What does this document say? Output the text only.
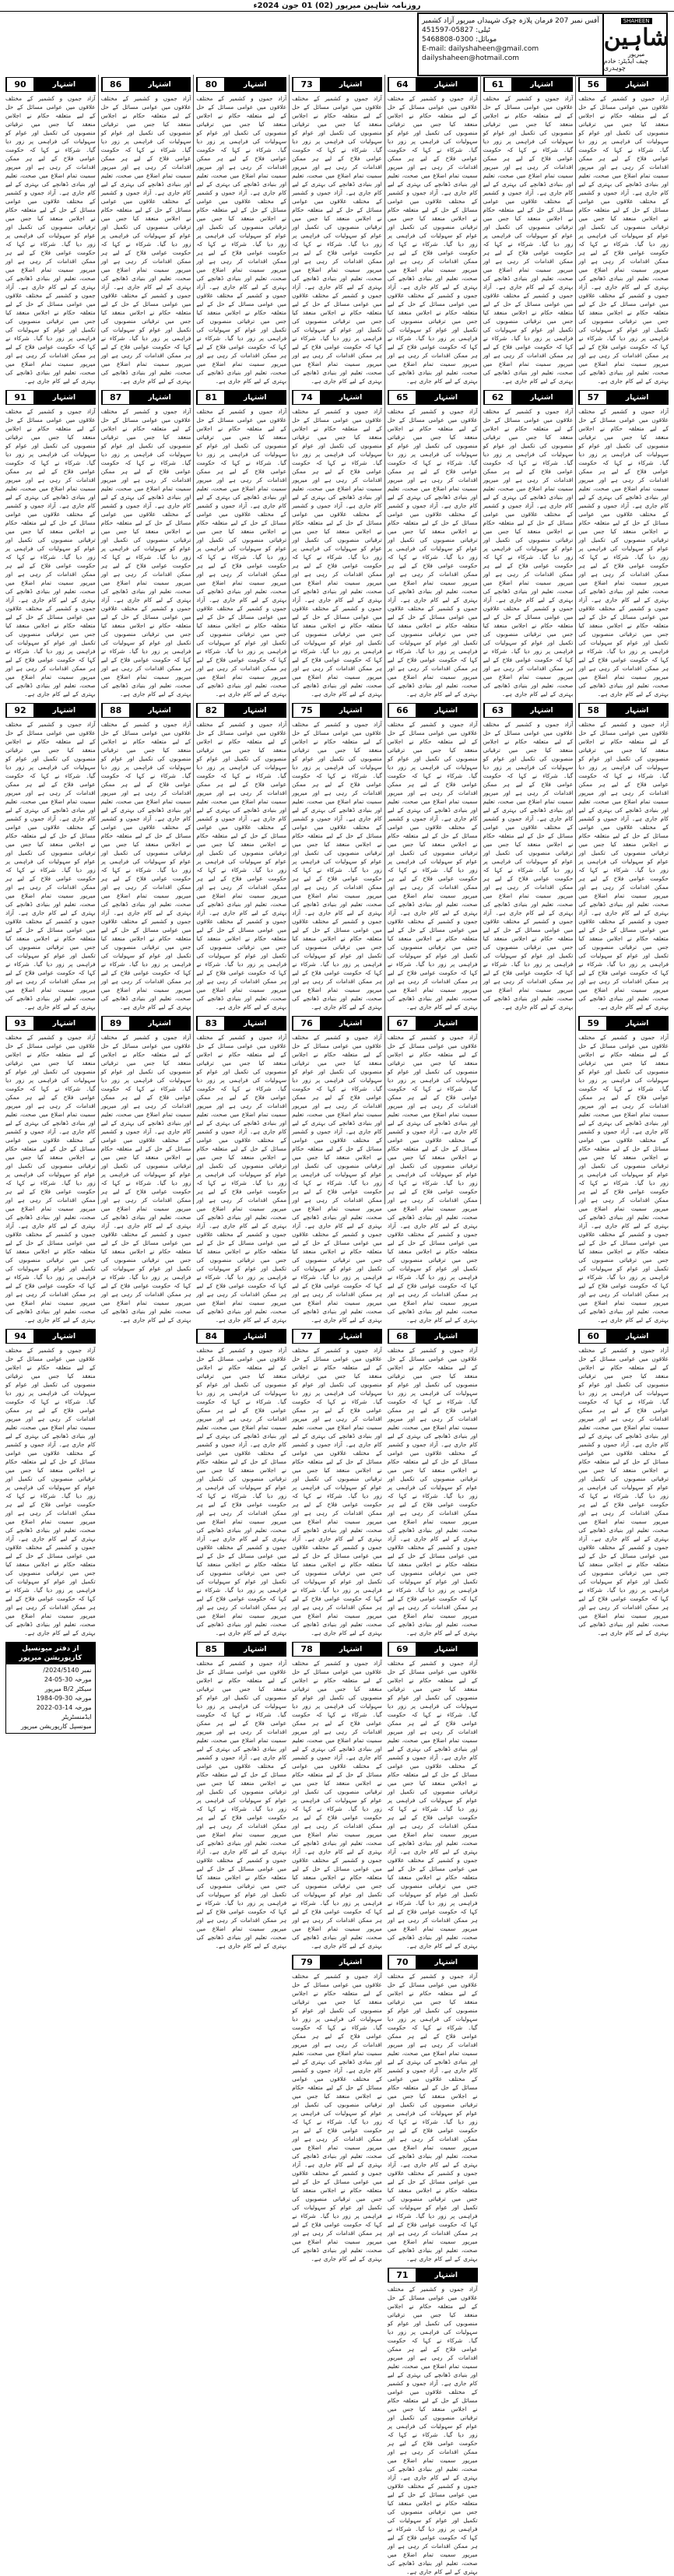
روزنامہ شاہین میرپور (02) 01 جون 2024ء
آفس نمبر 207 فرمان پلازہ چوک شہیداں میرپور آزاد کشمیر
ٹیلی: 05827-451597
موبائل: 0300-5468808
E-mail: dailyshaheen@gmail.com
dailyshaheen@hotmail.com
SHAHEEN
شاہین
میرپور
چیف ایڈیٹر: خادم چوہدری
اشتہار
56
آزاد جموں و کشمیر کے مختلف علاقوں میں عوامی مسائل کے حل کے لیے متعلقہ حکام نے اجلاس منعقد کیا جس میں ترقیاتی منصوبوں کی تکمیل اور عوام کو سہولیات کی فراہمی پر زور دیا گیا۔ شرکاء نے کہا کہ حکومت عوامی فلاح کے لیے ہر ممکن اقدامات کر رہی ہے اور میرپور سمیت تمام اضلاع میں صحت، تعلیم اور بنیادی ڈھانچے کی بہتری کے لیے کام جاری ہے۔ آزاد جموں و کشمیر کے مختلف علاقوں میں عوامی مسائل کے حل کے لیے متعلقہ حکام نے اجلاس منعقد کیا جس میں ترقیاتی منصوبوں کی تکمیل اور عوام کو سہولیات کی فراہمی پر زور دیا گیا۔ شرکاء نے کہا کہ حکومت عوامی فلاح کے لیے ہر ممکن اقدامات کر رہی ہے اور میرپور سمیت تمام اضلاع میں صحت، تعلیم اور بنیادی ڈھانچے کی بہتری کے لیے کام جاری ہے۔ آزاد جموں و کشمیر کے مختلف علاقوں میں عوامی مسائل کے حل کے لیے متعلقہ حکام نے اجلاس منعقد کیا جس میں ترقیاتی منصوبوں کی تکمیل اور عوام کو سہولیات کی فراہمی پر زور دیا گیا۔ شرکاء نے کہا کہ حکومت عوامی فلاح کے لیے ہر ممکن اقدامات کر رہی ہے اور میرپور سمیت تمام اضلاع میں صحت، تعلیم اور بنیادی ڈھانچے کی بہتری کے لیے کام جاری ہے۔
اشتہار
57
آزاد جموں و کشمیر کے مختلف علاقوں میں عوامی مسائل کے حل کے لیے متعلقہ حکام نے اجلاس منعقد کیا جس میں ترقیاتی منصوبوں کی تکمیل اور عوام کو سہولیات کی فراہمی پر زور دیا گیا۔ شرکاء نے کہا کہ حکومت عوامی فلاح کے لیے ہر ممکن اقدامات کر رہی ہے اور میرپور سمیت تمام اضلاع میں صحت، تعلیم اور بنیادی ڈھانچے کی بہتری کے لیے کام جاری ہے۔ آزاد جموں و کشمیر کے مختلف علاقوں میں عوامی مسائل کے حل کے لیے متعلقہ حکام نے اجلاس منعقد کیا جس میں ترقیاتی منصوبوں کی تکمیل اور عوام کو سہولیات کی فراہمی پر زور دیا گیا۔ شرکاء نے کہا کہ حکومت عوامی فلاح کے لیے ہر ممکن اقدامات کر رہی ہے اور میرپور سمیت تمام اضلاع میں صحت، تعلیم اور بنیادی ڈھانچے کی بہتری کے لیے کام جاری ہے۔ آزاد جموں و کشمیر کے مختلف علاقوں میں عوامی مسائل کے حل کے لیے متعلقہ حکام نے اجلاس منعقد کیا جس میں ترقیاتی منصوبوں کی تکمیل اور عوام کو سہولیات کی فراہمی پر زور دیا گیا۔ شرکاء نے کہا کہ حکومت عوامی فلاح کے لیے ہر ممکن اقدامات کر رہی ہے اور میرپور سمیت تمام اضلاع میں صحت، تعلیم اور بنیادی ڈھانچے کی بہتری کے لیے کام جاری ہے۔
اشتہار
58
آزاد جموں و کشمیر کے مختلف علاقوں میں عوامی مسائل کے حل کے لیے متعلقہ حکام نے اجلاس منعقد کیا جس میں ترقیاتی منصوبوں کی تکمیل اور عوام کو سہولیات کی فراہمی پر زور دیا گیا۔ شرکاء نے کہا کہ حکومت عوامی فلاح کے لیے ہر ممکن اقدامات کر رہی ہے اور میرپور سمیت تمام اضلاع میں صحت، تعلیم اور بنیادی ڈھانچے کی بہتری کے لیے کام جاری ہے۔ آزاد جموں و کشمیر کے مختلف علاقوں میں عوامی مسائل کے حل کے لیے متعلقہ حکام نے اجلاس منعقد کیا جس میں ترقیاتی منصوبوں کی تکمیل اور عوام کو سہولیات کی فراہمی پر زور دیا گیا۔ شرکاء نے کہا کہ حکومت عوامی فلاح کے لیے ہر ممکن اقدامات کر رہی ہے اور میرپور سمیت تمام اضلاع میں صحت، تعلیم اور بنیادی ڈھانچے کی بہتری کے لیے کام جاری ہے۔ آزاد جموں و کشمیر کے مختلف علاقوں میں عوامی مسائل کے حل کے لیے متعلقہ حکام نے اجلاس منعقد کیا جس میں ترقیاتی منصوبوں کی تکمیل اور عوام کو سہولیات کی فراہمی پر زور دیا گیا۔ شرکاء نے کہا کہ حکومت عوامی فلاح کے لیے ہر ممکن اقدامات کر رہی ہے اور میرپور سمیت تمام اضلاع میں صحت، تعلیم اور بنیادی ڈھانچے کی بہتری کے لیے کام جاری ہے۔
اشتہار
59
آزاد جموں و کشمیر کے مختلف علاقوں میں عوامی مسائل کے حل کے لیے متعلقہ حکام نے اجلاس منعقد کیا جس میں ترقیاتی منصوبوں کی تکمیل اور عوام کو سہولیات کی فراہمی پر زور دیا گیا۔ شرکاء نے کہا کہ حکومت عوامی فلاح کے لیے ہر ممکن اقدامات کر رہی ہے اور میرپور سمیت تمام اضلاع میں صحت، تعلیم اور بنیادی ڈھانچے کی بہتری کے لیے کام جاری ہے۔ آزاد جموں و کشمیر کے مختلف علاقوں میں عوامی مسائل کے حل کے لیے متعلقہ حکام نے اجلاس منعقد کیا جس میں ترقیاتی منصوبوں کی تکمیل اور عوام کو سہولیات کی فراہمی پر زور دیا گیا۔ شرکاء نے کہا کہ حکومت عوامی فلاح کے لیے ہر ممکن اقدامات کر رہی ہے اور میرپور سمیت تمام اضلاع میں صحت، تعلیم اور بنیادی ڈھانچے کی بہتری کے لیے کام جاری ہے۔ آزاد جموں و کشمیر کے مختلف علاقوں میں عوامی مسائل کے حل کے لیے متعلقہ حکام نے اجلاس منعقد کیا جس میں ترقیاتی منصوبوں کی تکمیل اور عوام کو سہولیات کی فراہمی پر زور دیا گیا۔ شرکاء نے کہا کہ حکومت عوامی فلاح کے لیے ہر ممکن اقدامات کر رہی ہے اور میرپور سمیت تمام اضلاع میں صحت، تعلیم اور بنیادی ڈھانچے کی بہتری کے لیے کام جاری ہے۔
اشتہار
60
آزاد جموں و کشمیر کے مختلف علاقوں میں عوامی مسائل کے حل کے لیے متعلقہ حکام نے اجلاس منعقد کیا جس میں ترقیاتی منصوبوں کی تکمیل اور عوام کو سہولیات کی فراہمی پر زور دیا گیا۔ شرکاء نے کہا کہ حکومت عوامی فلاح کے لیے ہر ممکن اقدامات کر رہی ہے اور میرپور سمیت تمام اضلاع میں صحت، تعلیم اور بنیادی ڈھانچے کی بہتری کے لیے کام جاری ہے۔ آزاد جموں و کشمیر کے مختلف علاقوں میں عوامی مسائل کے حل کے لیے متعلقہ حکام نے اجلاس منعقد کیا جس میں ترقیاتی منصوبوں کی تکمیل اور عوام کو سہولیات کی فراہمی پر زور دیا گیا۔ شرکاء نے کہا کہ حکومت عوامی فلاح کے لیے ہر ممکن اقدامات کر رہی ہے اور میرپور سمیت تمام اضلاع میں صحت، تعلیم اور بنیادی ڈھانچے کی بہتری کے لیے کام جاری ہے۔ آزاد جموں و کشمیر کے مختلف علاقوں میں عوامی مسائل کے حل کے لیے متعلقہ حکام نے اجلاس منعقد کیا جس میں ترقیاتی منصوبوں کی تکمیل اور عوام کو سہولیات کی فراہمی پر زور دیا گیا۔ شرکاء نے کہا کہ حکومت عوامی فلاح کے لیے ہر ممکن اقدامات کر رہی ہے اور میرپور سمیت تمام اضلاع میں صحت، تعلیم اور بنیادی ڈھانچے کی بہتری کے لیے کام جاری ہے۔
اشتہار
61
آزاد جموں و کشمیر کے مختلف علاقوں میں عوامی مسائل کے حل کے لیے متعلقہ حکام نے اجلاس منعقد کیا جس میں ترقیاتی منصوبوں کی تکمیل اور عوام کو سہولیات کی فراہمی پر زور دیا گیا۔ شرکاء نے کہا کہ حکومت عوامی فلاح کے لیے ہر ممکن اقدامات کر رہی ہے اور میرپور سمیت تمام اضلاع میں صحت، تعلیم اور بنیادی ڈھانچے کی بہتری کے لیے کام جاری ہے۔ آزاد جموں و کشمیر کے مختلف علاقوں میں عوامی مسائل کے حل کے لیے متعلقہ حکام نے اجلاس منعقد کیا جس میں ترقیاتی منصوبوں کی تکمیل اور عوام کو سہولیات کی فراہمی پر زور دیا گیا۔ شرکاء نے کہا کہ حکومت عوامی فلاح کے لیے ہر ممکن اقدامات کر رہی ہے اور میرپور سمیت تمام اضلاع میں صحت، تعلیم اور بنیادی ڈھانچے کی بہتری کے لیے کام جاری ہے۔ آزاد جموں و کشمیر کے مختلف علاقوں میں عوامی مسائل کے حل کے لیے متعلقہ حکام نے اجلاس منعقد کیا جس میں ترقیاتی منصوبوں کی تکمیل اور عوام کو سہولیات کی فراہمی پر زور دیا گیا۔ شرکاء نے کہا کہ حکومت عوامی فلاح کے لیے ہر ممکن اقدامات کر رہی ہے اور میرپور سمیت تمام اضلاع میں صحت، تعلیم اور بنیادی ڈھانچے کی بہتری کے لیے کام جاری ہے۔
اشتہار
62
آزاد جموں و کشمیر کے مختلف علاقوں میں عوامی مسائل کے حل کے لیے متعلقہ حکام نے اجلاس منعقد کیا جس میں ترقیاتی منصوبوں کی تکمیل اور عوام کو سہولیات کی فراہمی پر زور دیا گیا۔ شرکاء نے کہا کہ حکومت عوامی فلاح کے لیے ہر ممکن اقدامات کر رہی ہے اور میرپور سمیت تمام اضلاع میں صحت، تعلیم اور بنیادی ڈھانچے کی بہتری کے لیے کام جاری ہے۔ آزاد جموں و کشمیر کے مختلف علاقوں میں عوامی مسائل کے حل کے لیے متعلقہ حکام نے اجلاس منعقد کیا جس میں ترقیاتی منصوبوں کی تکمیل اور عوام کو سہولیات کی فراہمی پر زور دیا گیا۔ شرکاء نے کہا کہ حکومت عوامی فلاح کے لیے ہر ممکن اقدامات کر رہی ہے اور میرپور سمیت تمام اضلاع میں صحت، تعلیم اور بنیادی ڈھانچے کی بہتری کے لیے کام جاری ہے۔ آزاد جموں و کشمیر کے مختلف علاقوں میں عوامی مسائل کے حل کے لیے متعلقہ حکام نے اجلاس منعقد کیا جس میں ترقیاتی منصوبوں کی تکمیل اور عوام کو سہولیات کی فراہمی پر زور دیا گیا۔ شرکاء نے کہا کہ حکومت عوامی فلاح کے لیے ہر ممکن اقدامات کر رہی ہے اور میرپور سمیت تمام اضلاع میں صحت، تعلیم اور بنیادی ڈھانچے کی بہتری کے لیے کام جاری ہے۔
اشتہار
63
آزاد جموں و کشمیر کے مختلف علاقوں میں عوامی مسائل کے حل کے لیے متعلقہ حکام نے اجلاس منعقد کیا جس میں ترقیاتی منصوبوں کی تکمیل اور عوام کو سہولیات کی فراہمی پر زور دیا گیا۔ شرکاء نے کہا کہ حکومت عوامی فلاح کے لیے ہر ممکن اقدامات کر رہی ہے اور میرپور سمیت تمام اضلاع میں صحت، تعلیم اور بنیادی ڈھانچے کی بہتری کے لیے کام جاری ہے۔ آزاد جموں و کشمیر کے مختلف علاقوں میں عوامی مسائل کے حل کے لیے متعلقہ حکام نے اجلاس منعقد کیا جس میں ترقیاتی منصوبوں کی تکمیل اور عوام کو سہولیات کی فراہمی پر زور دیا گیا۔ شرکاء نے کہا کہ حکومت عوامی فلاح کے لیے ہر ممکن اقدامات کر رہی ہے اور میرپور سمیت تمام اضلاع میں صحت، تعلیم اور بنیادی ڈھانچے کی بہتری کے لیے کام جاری ہے۔ آزاد جموں و کشمیر کے مختلف علاقوں میں عوامی مسائل کے حل کے لیے متعلقہ حکام نے اجلاس منعقد کیا جس میں ترقیاتی منصوبوں کی تکمیل اور عوام کو سہولیات کی فراہمی پر زور دیا گیا۔ شرکاء نے کہا کہ حکومت عوامی فلاح کے لیے ہر ممکن اقدامات کر رہی ہے اور میرپور سمیت تمام اضلاع میں صحت، تعلیم اور بنیادی ڈھانچے کی بہتری کے لیے کام جاری ہے۔
اشتہار
64
آزاد جموں و کشمیر کے مختلف علاقوں میں عوامی مسائل کے حل کے لیے متعلقہ حکام نے اجلاس منعقد کیا جس میں ترقیاتی منصوبوں کی تکمیل اور عوام کو سہولیات کی فراہمی پر زور دیا گیا۔ شرکاء نے کہا کہ حکومت عوامی فلاح کے لیے ہر ممکن اقدامات کر رہی ہے اور میرپور سمیت تمام اضلاع میں صحت، تعلیم اور بنیادی ڈھانچے کی بہتری کے لیے کام جاری ہے۔ آزاد جموں و کشمیر کے مختلف علاقوں میں عوامی مسائل کے حل کے لیے متعلقہ حکام نے اجلاس منعقد کیا جس میں ترقیاتی منصوبوں کی تکمیل اور عوام کو سہولیات کی فراہمی پر زور دیا گیا۔ شرکاء نے کہا کہ حکومت عوامی فلاح کے لیے ہر ممکن اقدامات کر رہی ہے اور میرپور سمیت تمام اضلاع میں صحت، تعلیم اور بنیادی ڈھانچے کی بہتری کے لیے کام جاری ہے۔ آزاد جموں و کشمیر کے مختلف علاقوں میں عوامی مسائل کے حل کے لیے متعلقہ حکام نے اجلاس منعقد کیا جس میں ترقیاتی منصوبوں کی تکمیل اور عوام کو سہولیات کی فراہمی پر زور دیا گیا۔ شرکاء نے کہا کہ حکومت عوامی فلاح کے لیے ہر ممکن اقدامات کر رہی ہے اور میرپور سمیت تمام اضلاع میں صحت، تعلیم اور بنیادی ڈھانچے کی بہتری کے لیے کام جاری ہے۔
اشتہار
65
آزاد جموں و کشمیر کے مختلف علاقوں میں عوامی مسائل کے حل کے لیے متعلقہ حکام نے اجلاس منعقد کیا جس میں ترقیاتی منصوبوں کی تکمیل اور عوام کو سہولیات کی فراہمی پر زور دیا گیا۔ شرکاء نے کہا کہ حکومت عوامی فلاح کے لیے ہر ممکن اقدامات کر رہی ہے اور میرپور سمیت تمام اضلاع میں صحت، تعلیم اور بنیادی ڈھانچے کی بہتری کے لیے کام جاری ہے۔ آزاد جموں و کشمیر کے مختلف علاقوں میں عوامی مسائل کے حل کے لیے متعلقہ حکام نے اجلاس منعقد کیا جس میں ترقیاتی منصوبوں کی تکمیل اور عوام کو سہولیات کی فراہمی پر زور دیا گیا۔ شرکاء نے کہا کہ حکومت عوامی فلاح کے لیے ہر ممکن اقدامات کر رہی ہے اور میرپور سمیت تمام اضلاع میں صحت، تعلیم اور بنیادی ڈھانچے کی بہتری کے لیے کام جاری ہے۔ آزاد جموں و کشمیر کے مختلف علاقوں میں عوامی مسائل کے حل کے لیے متعلقہ حکام نے اجلاس منعقد کیا جس میں ترقیاتی منصوبوں کی تکمیل اور عوام کو سہولیات کی فراہمی پر زور دیا گیا۔ شرکاء نے کہا کہ حکومت عوامی فلاح کے لیے ہر ممکن اقدامات کر رہی ہے اور میرپور سمیت تمام اضلاع میں صحت، تعلیم اور بنیادی ڈھانچے کی بہتری کے لیے کام جاری ہے۔
اشتہار
66
آزاد جموں و کشمیر کے مختلف علاقوں میں عوامی مسائل کے حل کے لیے متعلقہ حکام نے اجلاس منعقد کیا جس میں ترقیاتی منصوبوں کی تکمیل اور عوام کو سہولیات کی فراہمی پر زور دیا گیا۔ شرکاء نے کہا کہ حکومت عوامی فلاح کے لیے ہر ممکن اقدامات کر رہی ہے اور میرپور سمیت تمام اضلاع میں صحت، تعلیم اور بنیادی ڈھانچے کی بہتری کے لیے کام جاری ہے۔ آزاد جموں و کشمیر کے مختلف علاقوں میں عوامی مسائل کے حل کے لیے متعلقہ حکام نے اجلاس منعقد کیا جس میں ترقیاتی منصوبوں کی تکمیل اور عوام کو سہولیات کی فراہمی پر زور دیا گیا۔ شرکاء نے کہا کہ حکومت عوامی فلاح کے لیے ہر ممکن اقدامات کر رہی ہے اور میرپور سمیت تمام اضلاع میں صحت، تعلیم اور بنیادی ڈھانچے کی بہتری کے لیے کام جاری ہے۔ آزاد جموں و کشمیر کے مختلف علاقوں میں عوامی مسائل کے حل کے لیے متعلقہ حکام نے اجلاس منعقد کیا جس میں ترقیاتی منصوبوں کی تکمیل اور عوام کو سہولیات کی فراہمی پر زور دیا گیا۔ شرکاء نے کہا کہ حکومت عوامی فلاح کے لیے ہر ممکن اقدامات کر رہی ہے اور میرپور سمیت تمام اضلاع میں صحت، تعلیم اور بنیادی ڈھانچے کی بہتری کے لیے کام جاری ہے۔
اشتہار
67
آزاد جموں و کشمیر کے مختلف علاقوں میں عوامی مسائل کے حل کے لیے متعلقہ حکام نے اجلاس منعقد کیا جس میں ترقیاتی منصوبوں کی تکمیل اور عوام کو سہولیات کی فراہمی پر زور دیا گیا۔ شرکاء نے کہا کہ حکومت عوامی فلاح کے لیے ہر ممکن اقدامات کر رہی ہے اور میرپور سمیت تمام اضلاع میں صحت، تعلیم اور بنیادی ڈھانچے کی بہتری کے لیے کام جاری ہے۔ آزاد جموں و کشمیر کے مختلف علاقوں میں عوامی مسائل کے حل کے لیے متعلقہ حکام نے اجلاس منعقد کیا جس میں ترقیاتی منصوبوں کی تکمیل اور عوام کو سہولیات کی فراہمی پر زور دیا گیا۔ شرکاء نے کہا کہ حکومت عوامی فلاح کے لیے ہر ممکن اقدامات کر رہی ہے اور میرپور سمیت تمام اضلاع میں صحت، تعلیم اور بنیادی ڈھانچے کی بہتری کے لیے کام جاری ہے۔ آزاد جموں و کشمیر کے مختلف علاقوں میں عوامی مسائل کے حل کے لیے متعلقہ حکام نے اجلاس منعقد کیا جس میں ترقیاتی منصوبوں کی تکمیل اور عوام کو سہولیات کی فراہمی پر زور دیا گیا۔ شرکاء نے کہا کہ حکومت عوامی فلاح کے لیے ہر ممکن اقدامات کر رہی ہے اور میرپور سمیت تمام اضلاع میں صحت، تعلیم اور بنیادی ڈھانچے کی بہتری کے لیے کام جاری ہے۔
اشتہار
68
آزاد جموں و کشمیر کے مختلف علاقوں میں عوامی مسائل کے حل کے لیے متعلقہ حکام نے اجلاس منعقد کیا جس میں ترقیاتی منصوبوں کی تکمیل اور عوام کو سہولیات کی فراہمی پر زور دیا گیا۔ شرکاء نے کہا کہ حکومت عوامی فلاح کے لیے ہر ممکن اقدامات کر رہی ہے اور میرپور سمیت تمام اضلاع میں صحت، تعلیم اور بنیادی ڈھانچے کی بہتری کے لیے کام جاری ہے۔ آزاد جموں و کشمیر کے مختلف علاقوں میں عوامی مسائل کے حل کے لیے متعلقہ حکام نے اجلاس منعقد کیا جس میں ترقیاتی منصوبوں کی تکمیل اور عوام کو سہولیات کی فراہمی پر زور دیا گیا۔ شرکاء نے کہا کہ حکومت عوامی فلاح کے لیے ہر ممکن اقدامات کر رہی ہے اور میرپور سمیت تمام اضلاع میں صحت، تعلیم اور بنیادی ڈھانچے کی بہتری کے لیے کام جاری ہے۔ آزاد جموں و کشمیر کے مختلف علاقوں میں عوامی مسائل کے حل کے لیے متعلقہ حکام نے اجلاس منعقد کیا جس میں ترقیاتی منصوبوں کی تکمیل اور عوام کو سہولیات کی فراہمی پر زور دیا گیا۔ شرکاء نے کہا کہ حکومت عوامی فلاح کے لیے ہر ممکن اقدامات کر رہی ہے اور میرپور سمیت تمام اضلاع میں صحت، تعلیم اور بنیادی ڈھانچے کی بہتری کے لیے کام جاری ہے۔
اشتہار
69
آزاد جموں و کشمیر کے مختلف علاقوں میں عوامی مسائل کے حل کے لیے متعلقہ حکام نے اجلاس منعقد کیا جس میں ترقیاتی منصوبوں کی تکمیل اور عوام کو سہولیات کی فراہمی پر زور دیا گیا۔ شرکاء نے کہا کہ حکومت عوامی فلاح کے لیے ہر ممکن اقدامات کر رہی ہے اور میرپور سمیت تمام اضلاع میں صحت، تعلیم اور بنیادی ڈھانچے کی بہتری کے لیے کام جاری ہے۔ آزاد جموں و کشمیر کے مختلف علاقوں میں عوامی مسائل کے حل کے لیے متعلقہ حکام نے اجلاس منعقد کیا جس میں ترقیاتی منصوبوں کی تکمیل اور عوام کو سہولیات کی فراہمی پر زور دیا گیا۔ شرکاء نے کہا کہ حکومت عوامی فلاح کے لیے ہر ممکن اقدامات کر رہی ہے اور میرپور سمیت تمام اضلاع میں صحت، تعلیم اور بنیادی ڈھانچے کی بہتری کے لیے کام جاری ہے۔ آزاد جموں و کشمیر کے مختلف علاقوں میں عوامی مسائل کے حل کے لیے متعلقہ حکام نے اجلاس منعقد کیا جس میں ترقیاتی منصوبوں کی تکمیل اور عوام کو سہولیات کی فراہمی پر زور دیا گیا۔ شرکاء نے کہا کہ حکومت عوامی فلاح کے لیے ہر ممکن اقدامات کر رہی ہے اور میرپور سمیت تمام اضلاع میں صحت، تعلیم اور بنیادی ڈھانچے کی بہتری کے لیے کام جاری ہے۔
اشتہار
70
آزاد جموں و کشمیر کے مختلف علاقوں میں عوامی مسائل کے حل کے لیے متعلقہ حکام نے اجلاس منعقد کیا جس میں ترقیاتی منصوبوں کی تکمیل اور عوام کو سہولیات کی فراہمی پر زور دیا گیا۔ شرکاء نے کہا کہ حکومت عوامی فلاح کے لیے ہر ممکن اقدامات کر رہی ہے اور میرپور سمیت تمام اضلاع میں صحت، تعلیم اور بنیادی ڈھانچے کی بہتری کے لیے کام جاری ہے۔ آزاد جموں و کشمیر کے مختلف علاقوں میں عوامی مسائل کے حل کے لیے متعلقہ حکام نے اجلاس منعقد کیا جس میں ترقیاتی منصوبوں کی تکمیل اور عوام کو سہولیات کی فراہمی پر زور دیا گیا۔ شرکاء نے کہا کہ حکومت عوامی فلاح کے لیے ہر ممکن اقدامات کر رہی ہے اور میرپور سمیت تمام اضلاع میں صحت، تعلیم اور بنیادی ڈھانچے کی بہتری کے لیے کام جاری ہے۔ آزاد جموں و کشمیر کے مختلف علاقوں میں عوامی مسائل کے حل کے لیے متعلقہ حکام نے اجلاس منعقد کیا جس میں ترقیاتی منصوبوں کی تکمیل اور عوام کو سہولیات کی فراہمی پر زور دیا گیا۔ شرکاء نے کہا کہ حکومت عوامی فلاح کے لیے ہر ممکن اقدامات کر رہی ہے اور میرپور سمیت تمام اضلاع میں صحت، تعلیم اور بنیادی ڈھانچے کی بہتری کے لیے کام جاری ہے۔
اشتہار
71
آزاد جموں و کشمیر کے مختلف علاقوں میں عوامی مسائل کے حل کے لیے متعلقہ حکام نے اجلاس منعقد کیا جس میں ترقیاتی منصوبوں کی تکمیل اور عوام کو سہولیات کی فراہمی پر زور دیا گیا۔ شرکاء نے کہا کہ حکومت عوامی فلاح کے لیے ہر ممکن اقدامات کر رہی ہے اور میرپور سمیت تمام اضلاع میں صحت، تعلیم اور بنیادی ڈھانچے کی بہتری کے لیے کام جاری ہے۔ آزاد جموں و کشمیر کے مختلف علاقوں میں عوامی مسائل کے حل کے لیے متعلقہ حکام نے اجلاس منعقد کیا جس میں ترقیاتی منصوبوں کی تکمیل اور عوام کو سہولیات کی فراہمی پر زور دیا گیا۔ شرکاء نے کہا کہ حکومت عوامی فلاح کے لیے ہر ممکن اقدامات کر رہی ہے اور میرپور سمیت تمام اضلاع میں صحت، تعلیم اور بنیادی ڈھانچے کی بہتری کے لیے کام جاری ہے۔ آزاد جموں و کشمیر کے مختلف علاقوں میں عوامی مسائل کے حل کے لیے متعلقہ حکام نے اجلاس منعقد کیا جس میں ترقیاتی منصوبوں کی تکمیل اور عوام کو سہولیات کی فراہمی پر زور دیا گیا۔ شرکاء نے کہا کہ حکومت عوامی فلاح کے لیے ہر ممکن اقدامات کر رہی ہے اور میرپور سمیت تمام اضلاع میں صحت، تعلیم اور بنیادی ڈھانچے کی بہتری کے لیے کام جاری ہے۔
اشتہار
73
آزاد جموں و کشمیر کے مختلف علاقوں میں عوامی مسائل کے حل کے لیے متعلقہ حکام نے اجلاس منعقد کیا جس میں ترقیاتی منصوبوں کی تکمیل اور عوام کو سہولیات کی فراہمی پر زور دیا گیا۔ شرکاء نے کہا کہ حکومت عوامی فلاح کے لیے ہر ممکن اقدامات کر رہی ہے اور میرپور سمیت تمام اضلاع میں صحت، تعلیم اور بنیادی ڈھانچے کی بہتری کے لیے کام جاری ہے۔ آزاد جموں و کشمیر کے مختلف علاقوں میں عوامی مسائل کے حل کے لیے متعلقہ حکام نے اجلاس منعقد کیا جس میں ترقیاتی منصوبوں کی تکمیل اور عوام کو سہولیات کی فراہمی پر زور دیا گیا۔ شرکاء نے کہا کہ حکومت عوامی فلاح کے لیے ہر ممکن اقدامات کر رہی ہے اور میرپور سمیت تمام اضلاع میں صحت، تعلیم اور بنیادی ڈھانچے کی بہتری کے لیے کام جاری ہے۔ آزاد جموں و کشمیر کے مختلف علاقوں میں عوامی مسائل کے حل کے لیے متعلقہ حکام نے اجلاس منعقد کیا جس میں ترقیاتی منصوبوں کی تکمیل اور عوام کو سہولیات کی فراہمی پر زور دیا گیا۔ شرکاء نے کہا کہ حکومت عوامی فلاح کے لیے ہر ممکن اقدامات کر رہی ہے اور میرپور سمیت تمام اضلاع میں صحت، تعلیم اور بنیادی ڈھانچے کی بہتری کے لیے کام جاری ہے۔
اشتہار
74
آزاد جموں و کشمیر کے مختلف علاقوں میں عوامی مسائل کے حل کے لیے متعلقہ حکام نے اجلاس منعقد کیا جس میں ترقیاتی منصوبوں کی تکمیل اور عوام کو سہولیات کی فراہمی پر زور دیا گیا۔ شرکاء نے کہا کہ حکومت عوامی فلاح کے لیے ہر ممکن اقدامات کر رہی ہے اور میرپور سمیت تمام اضلاع میں صحت، تعلیم اور بنیادی ڈھانچے کی بہتری کے لیے کام جاری ہے۔ آزاد جموں و کشمیر کے مختلف علاقوں میں عوامی مسائل کے حل کے لیے متعلقہ حکام نے اجلاس منعقد کیا جس میں ترقیاتی منصوبوں کی تکمیل اور عوام کو سہولیات کی فراہمی پر زور دیا گیا۔ شرکاء نے کہا کہ حکومت عوامی فلاح کے لیے ہر ممکن اقدامات کر رہی ہے اور میرپور سمیت تمام اضلاع میں صحت، تعلیم اور بنیادی ڈھانچے کی بہتری کے لیے کام جاری ہے۔ آزاد جموں و کشمیر کے مختلف علاقوں میں عوامی مسائل کے حل کے لیے متعلقہ حکام نے اجلاس منعقد کیا جس میں ترقیاتی منصوبوں کی تکمیل اور عوام کو سہولیات کی فراہمی پر زور دیا گیا۔ شرکاء نے کہا کہ حکومت عوامی فلاح کے لیے ہر ممکن اقدامات کر رہی ہے اور میرپور سمیت تمام اضلاع میں صحت، تعلیم اور بنیادی ڈھانچے کی بہتری کے لیے کام جاری ہے۔
اشتہار
75
آزاد جموں و کشمیر کے مختلف علاقوں میں عوامی مسائل کے حل کے لیے متعلقہ حکام نے اجلاس منعقد کیا جس میں ترقیاتی منصوبوں کی تکمیل اور عوام کو سہولیات کی فراہمی پر زور دیا گیا۔ شرکاء نے کہا کہ حکومت عوامی فلاح کے لیے ہر ممکن اقدامات کر رہی ہے اور میرپور سمیت تمام اضلاع میں صحت، تعلیم اور بنیادی ڈھانچے کی بہتری کے لیے کام جاری ہے۔ آزاد جموں و کشمیر کے مختلف علاقوں میں عوامی مسائل کے حل کے لیے متعلقہ حکام نے اجلاس منعقد کیا جس میں ترقیاتی منصوبوں کی تکمیل اور عوام کو سہولیات کی فراہمی پر زور دیا گیا۔ شرکاء نے کہا کہ حکومت عوامی فلاح کے لیے ہر ممکن اقدامات کر رہی ہے اور میرپور سمیت تمام اضلاع میں صحت، تعلیم اور بنیادی ڈھانچے کی بہتری کے لیے کام جاری ہے۔ آزاد جموں و کشمیر کے مختلف علاقوں میں عوامی مسائل کے حل کے لیے متعلقہ حکام نے اجلاس منعقد کیا جس میں ترقیاتی منصوبوں کی تکمیل اور عوام کو سہولیات کی فراہمی پر زور دیا گیا۔ شرکاء نے کہا کہ حکومت عوامی فلاح کے لیے ہر ممکن اقدامات کر رہی ہے اور میرپور سمیت تمام اضلاع میں صحت، تعلیم اور بنیادی ڈھانچے کی بہتری کے لیے کام جاری ہے۔
اشتہار
76
آزاد جموں و کشمیر کے مختلف علاقوں میں عوامی مسائل کے حل کے لیے متعلقہ حکام نے اجلاس منعقد کیا جس میں ترقیاتی منصوبوں کی تکمیل اور عوام کو سہولیات کی فراہمی پر زور دیا گیا۔ شرکاء نے کہا کہ حکومت عوامی فلاح کے لیے ہر ممکن اقدامات کر رہی ہے اور میرپور سمیت تمام اضلاع میں صحت، تعلیم اور بنیادی ڈھانچے کی بہتری کے لیے کام جاری ہے۔ آزاد جموں و کشمیر کے مختلف علاقوں میں عوامی مسائل کے حل کے لیے متعلقہ حکام نے اجلاس منعقد کیا جس میں ترقیاتی منصوبوں کی تکمیل اور عوام کو سہولیات کی فراہمی پر زور دیا گیا۔ شرکاء نے کہا کہ حکومت عوامی فلاح کے لیے ہر ممکن اقدامات کر رہی ہے اور میرپور سمیت تمام اضلاع میں صحت، تعلیم اور بنیادی ڈھانچے کی بہتری کے لیے کام جاری ہے۔ آزاد جموں و کشمیر کے مختلف علاقوں میں عوامی مسائل کے حل کے لیے متعلقہ حکام نے اجلاس منعقد کیا جس میں ترقیاتی منصوبوں کی تکمیل اور عوام کو سہولیات کی فراہمی پر زور دیا گیا۔ شرکاء نے کہا کہ حکومت عوامی فلاح کے لیے ہر ممکن اقدامات کر رہی ہے اور میرپور سمیت تمام اضلاع میں صحت، تعلیم اور بنیادی ڈھانچے کی بہتری کے لیے کام جاری ہے۔
اشتہار
77
آزاد جموں و کشمیر کے مختلف علاقوں میں عوامی مسائل کے حل کے لیے متعلقہ حکام نے اجلاس منعقد کیا جس میں ترقیاتی منصوبوں کی تکمیل اور عوام کو سہولیات کی فراہمی پر زور دیا گیا۔ شرکاء نے کہا کہ حکومت عوامی فلاح کے لیے ہر ممکن اقدامات کر رہی ہے اور میرپور سمیت تمام اضلاع میں صحت، تعلیم اور بنیادی ڈھانچے کی بہتری کے لیے کام جاری ہے۔ آزاد جموں و کشمیر کے مختلف علاقوں میں عوامی مسائل کے حل کے لیے متعلقہ حکام نے اجلاس منعقد کیا جس میں ترقیاتی منصوبوں کی تکمیل اور عوام کو سہولیات کی فراہمی پر زور دیا گیا۔ شرکاء نے کہا کہ حکومت عوامی فلاح کے لیے ہر ممکن اقدامات کر رہی ہے اور میرپور سمیت تمام اضلاع میں صحت، تعلیم اور بنیادی ڈھانچے کی بہتری کے لیے کام جاری ہے۔ آزاد جموں و کشمیر کے مختلف علاقوں میں عوامی مسائل کے حل کے لیے متعلقہ حکام نے اجلاس منعقد کیا جس میں ترقیاتی منصوبوں کی تکمیل اور عوام کو سہولیات کی فراہمی پر زور دیا گیا۔ شرکاء نے کہا کہ حکومت عوامی فلاح کے لیے ہر ممکن اقدامات کر رہی ہے اور میرپور سمیت تمام اضلاع میں صحت، تعلیم اور بنیادی ڈھانچے کی بہتری کے لیے کام جاری ہے۔
اشتہار
78
آزاد جموں و کشمیر کے مختلف علاقوں میں عوامی مسائل کے حل کے لیے متعلقہ حکام نے اجلاس منعقد کیا جس میں ترقیاتی منصوبوں کی تکمیل اور عوام کو سہولیات کی فراہمی پر زور دیا گیا۔ شرکاء نے کہا کہ حکومت عوامی فلاح کے لیے ہر ممکن اقدامات کر رہی ہے اور میرپور سمیت تمام اضلاع میں صحت، تعلیم اور بنیادی ڈھانچے کی بہتری کے لیے کام جاری ہے۔ آزاد جموں و کشمیر کے مختلف علاقوں میں عوامی مسائل کے حل کے لیے متعلقہ حکام نے اجلاس منعقد کیا جس میں ترقیاتی منصوبوں کی تکمیل اور عوام کو سہولیات کی فراہمی پر زور دیا گیا۔ شرکاء نے کہا کہ حکومت عوامی فلاح کے لیے ہر ممکن اقدامات کر رہی ہے اور میرپور سمیت تمام اضلاع میں صحت، تعلیم اور بنیادی ڈھانچے کی بہتری کے لیے کام جاری ہے۔ آزاد جموں و کشمیر کے مختلف علاقوں میں عوامی مسائل کے حل کے لیے متعلقہ حکام نے اجلاس منعقد کیا جس میں ترقیاتی منصوبوں کی تکمیل اور عوام کو سہولیات کی فراہمی پر زور دیا گیا۔ شرکاء نے کہا کہ حکومت عوامی فلاح کے لیے ہر ممکن اقدامات کر رہی ہے اور میرپور سمیت تمام اضلاع میں صحت، تعلیم اور بنیادی ڈھانچے کی بہتری کے لیے کام جاری ہے۔
اشتہار
79
آزاد جموں و کشمیر کے مختلف علاقوں میں عوامی مسائل کے حل کے لیے متعلقہ حکام نے اجلاس منعقد کیا جس میں ترقیاتی منصوبوں کی تکمیل اور عوام کو سہولیات کی فراہمی پر زور دیا گیا۔ شرکاء نے کہا کہ حکومت عوامی فلاح کے لیے ہر ممکن اقدامات کر رہی ہے اور میرپور سمیت تمام اضلاع میں صحت، تعلیم اور بنیادی ڈھانچے کی بہتری کے لیے کام جاری ہے۔ آزاد جموں و کشمیر کے مختلف علاقوں میں عوامی مسائل کے حل کے لیے متعلقہ حکام نے اجلاس منعقد کیا جس میں ترقیاتی منصوبوں کی تکمیل اور عوام کو سہولیات کی فراہمی پر زور دیا گیا۔ شرکاء نے کہا کہ حکومت عوامی فلاح کے لیے ہر ممکن اقدامات کر رہی ہے اور میرپور سمیت تمام اضلاع میں صحت، تعلیم اور بنیادی ڈھانچے کی بہتری کے لیے کام جاری ہے۔ آزاد جموں و کشمیر کے مختلف علاقوں میں عوامی مسائل کے حل کے لیے متعلقہ حکام نے اجلاس منعقد کیا جس میں ترقیاتی منصوبوں کی تکمیل اور عوام کو سہولیات کی فراہمی پر زور دیا گیا۔ شرکاء نے کہا کہ حکومت عوامی فلاح کے لیے ہر ممکن اقدامات کر رہی ہے اور میرپور سمیت تمام اضلاع میں صحت، تعلیم اور بنیادی ڈھانچے کی بہتری کے لیے کام جاری ہے۔
اشتہار
80
آزاد جموں و کشمیر کے مختلف علاقوں میں عوامی مسائل کے حل کے لیے متعلقہ حکام نے اجلاس منعقد کیا جس میں ترقیاتی منصوبوں کی تکمیل اور عوام کو سہولیات کی فراہمی پر زور دیا گیا۔ شرکاء نے کہا کہ حکومت عوامی فلاح کے لیے ہر ممکن اقدامات کر رہی ہے اور میرپور سمیت تمام اضلاع میں صحت، تعلیم اور بنیادی ڈھانچے کی بہتری کے لیے کام جاری ہے۔ آزاد جموں و کشمیر کے مختلف علاقوں میں عوامی مسائل کے حل کے لیے متعلقہ حکام نے اجلاس منعقد کیا جس میں ترقیاتی منصوبوں کی تکمیل اور عوام کو سہولیات کی فراہمی پر زور دیا گیا۔ شرکاء نے کہا کہ حکومت عوامی فلاح کے لیے ہر ممکن اقدامات کر رہی ہے اور میرپور سمیت تمام اضلاع میں صحت، تعلیم اور بنیادی ڈھانچے کی بہتری کے لیے کام جاری ہے۔ آزاد جموں و کشمیر کے مختلف علاقوں میں عوامی مسائل کے حل کے لیے متعلقہ حکام نے اجلاس منعقد کیا جس میں ترقیاتی منصوبوں کی تکمیل اور عوام کو سہولیات کی فراہمی پر زور دیا گیا۔ شرکاء نے کہا کہ حکومت عوامی فلاح کے لیے ہر ممکن اقدامات کر رہی ہے اور میرپور سمیت تمام اضلاع میں صحت، تعلیم اور بنیادی ڈھانچے کی بہتری کے لیے کام جاری ہے۔
اشتہار
81
آزاد جموں و کشمیر کے مختلف علاقوں میں عوامی مسائل کے حل کے لیے متعلقہ حکام نے اجلاس منعقد کیا جس میں ترقیاتی منصوبوں کی تکمیل اور عوام کو سہولیات کی فراہمی پر زور دیا گیا۔ شرکاء نے کہا کہ حکومت عوامی فلاح کے لیے ہر ممکن اقدامات کر رہی ہے اور میرپور سمیت تمام اضلاع میں صحت، تعلیم اور بنیادی ڈھانچے کی بہتری کے لیے کام جاری ہے۔ آزاد جموں و کشمیر کے مختلف علاقوں میں عوامی مسائل کے حل کے لیے متعلقہ حکام نے اجلاس منعقد کیا جس میں ترقیاتی منصوبوں کی تکمیل اور عوام کو سہولیات کی فراہمی پر زور دیا گیا۔ شرکاء نے کہا کہ حکومت عوامی فلاح کے لیے ہر ممکن اقدامات کر رہی ہے اور میرپور سمیت تمام اضلاع میں صحت، تعلیم اور بنیادی ڈھانچے کی بہتری کے لیے کام جاری ہے۔ آزاد جموں و کشمیر کے مختلف علاقوں میں عوامی مسائل کے حل کے لیے متعلقہ حکام نے اجلاس منعقد کیا جس میں ترقیاتی منصوبوں کی تکمیل اور عوام کو سہولیات کی فراہمی پر زور دیا گیا۔ شرکاء نے کہا کہ حکومت عوامی فلاح کے لیے ہر ممکن اقدامات کر رہی ہے اور میرپور سمیت تمام اضلاع میں صحت، تعلیم اور بنیادی ڈھانچے کی بہتری کے لیے کام جاری ہے۔
اشتہار
82
آزاد جموں و کشمیر کے مختلف علاقوں میں عوامی مسائل کے حل کے لیے متعلقہ حکام نے اجلاس منعقد کیا جس میں ترقیاتی منصوبوں کی تکمیل اور عوام کو سہولیات کی فراہمی پر زور دیا گیا۔ شرکاء نے کہا کہ حکومت عوامی فلاح کے لیے ہر ممکن اقدامات کر رہی ہے اور میرپور سمیت تمام اضلاع میں صحت، تعلیم اور بنیادی ڈھانچے کی بہتری کے لیے کام جاری ہے۔ آزاد جموں و کشمیر کے مختلف علاقوں میں عوامی مسائل کے حل کے لیے متعلقہ حکام نے اجلاس منعقد کیا جس میں ترقیاتی منصوبوں کی تکمیل اور عوام کو سہولیات کی فراہمی پر زور دیا گیا۔ شرکاء نے کہا کہ حکومت عوامی فلاح کے لیے ہر ممکن اقدامات کر رہی ہے اور میرپور سمیت تمام اضلاع میں صحت، تعلیم اور بنیادی ڈھانچے کی بہتری کے لیے کام جاری ہے۔ آزاد جموں و کشمیر کے مختلف علاقوں میں عوامی مسائل کے حل کے لیے متعلقہ حکام نے اجلاس منعقد کیا جس میں ترقیاتی منصوبوں کی تکمیل اور عوام کو سہولیات کی فراہمی پر زور دیا گیا۔ شرکاء نے کہا کہ حکومت عوامی فلاح کے لیے ہر ممکن اقدامات کر رہی ہے اور میرپور سمیت تمام اضلاع میں صحت، تعلیم اور بنیادی ڈھانچے کی بہتری کے لیے کام جاری ہے۔
اشتہار
83
آزاد جموں و کشمیر کے مختلف علاقوں میں عوامی مسائل کے حل کے لیے متعلقہ حکام نے اجلاس منعقد کیا جس میں ترقیاتی منصوبوں کی تکمیل اور عوام کو سہولیات کی فراہمی پر زور دیا گیا۔ شرکاء نے کہا کہ حکومت عوامی فلاح کے لیے ہر ممکن اقدامات کر رہی ہے اور میرپور سمیت تمام اضلاع میں صحت، تعلیم اور بنیادی ڈھانچے کی بہتری کے لیے کام جاری ہے۔ آزاد جموں و کشمیر کے مختلف علاقوں میں عوامی مسائل کے حل کے لیے متعلقہ حکام نے اجلاس منعقد کیا جس میں ترقیاتی منصوبوں کی تکمیل اور عوام کو سہولیات کی فراہمی پر زور دیا گیا۔ شرکاء نے کہا کہ حکومت عوامی فلاح کے لیے ہر ممکن اقدامات کر رہی ہے اور میرپور سمیت تمام اضلاع میں صحت، تعلیم اور بنیادی ڈھانچے کی بہتری کے لیے کام جاری ہے۔ آزاد جموں و کشمیر کے مختلف علاقوں میں عوامی مسائل کے حل کے لیے متعلقہ حکام نے اجلاس منعقد کیا جس میں ترقیاتی منصوبوں کی تکمیل اور عوام کو سہولیات کی فراہمی پر زور دیا گیا۔ شرکاء نے کہا کہ حکومت عوامی فلاح کے لیے ہر ممکن اقدامات کر رہی ہے اور میرپور سمیت تمام اضلاع میں صحت، تعلیم اور بنیادی ڈھانچے کی بہتری کے لیے کام جاری ہے۔
اشتہار
84
آزاد جموں و کشمیر کے مختلف علاقوں میں عوامی مسائل کے حل کے لیے متعلقہ حکام نے اجلاس منعقد کیا جس میں ترقیاتی منصوبوں کی تکمیل اور عوام کو سہولیات کی فراہمی پر زور دیا گیا۔ شرکاء نے کہا کہ حکومت عوامی فلاح کے لیے ہر ممکن اقدامات کر رہی ہے اور میرپور سمیت تمام اضلاع میں صحت، تعلیم اور بنیادی ڈھانچے کی بہتری کے لیے کام جاری ہے۔ آزاد جموں و کشمیر کے مختلف علاقوں میں عوامی مسائل کے حل کے لیے متعلقہ حکام نے اجلاس منعقد کیا جس میں ترقیاتی منصوبوں کی تکمیل اور عوام کو سہولیات کی فراہمی پر زور دیا گیا۔ شرکاء نے کہا کہ حکومت عوامی فلاح کے لیے ہر ممکن اقدامات کر رہی ہے اور میرپور سمیت تمام اضلاع میں صحت، تعلیم اور بنیادی ڈھانچے کی بہتری کے لیے کام جاری ہے۔ آزاد جموں و کشمیر کے مختلف علاقوں میں عوامی مسائل کے حل کے لیے متعلقہ حکام نے اجلاس منعقد کیا جس میں ترقیاتی منصوبوں کی تکمیل اور عوام کو سہولیات کی فراہمی پر زور دیا گیا۔ شرکاء نے کہا کہ حکومت عوامی فلاح کے لیے ہر ممکن اقدامات کر رہی ہے اور میرپور سمیت تمام اضلاع میں صحت، تعلیم اور بنیادی ڈھانچے کی بہتری کے لیے کام جاری ہے۔
اشتہار
85
آزاد جموں و کشمیر کے مختلف علاقوں میں عوامی مسائل کے حل کے لیے متعلقہ حکام نے اجلاس منعقد کیا جس میں ترقیاتی منصوبوں کی تکمیل اور عوام کو سہولیات کی فراہمی پر زور دیا گیا۔ شرکاء نے کہا کہ حکومت عوامی فلاح کے لیے ہر ممکن اقدامات کر رہی ہے اور میرپور سمیت تمام اضلاع میں صحت، تعلیم اور بنیادی ڈھانچے کی بہتری کے لیے کام جاری ہے۔ آزاد جموں و کشمیر کے مختلف علاقوں میں عوامی مسائل کے حل کے لیے متعلقہ حکام نے اجلاس منعقد کیا جس میں ترقیاتی منصوبوں کی تکمیل اور عوام کو سہولیات کی فراہمی پر زور دیا گیا۔ شرکاء نے کہا کہ حکومت عوامی فلاح کے لیے ہر ممکن اقدامات کر رہی ہے اور میرپور سمیت تمام اضلاع میں صحت، تعلیم اور بنیادی ڈھانچے کی بہتری کے لیے کام جاری ہے۔ آزاد جموں و کشمیر کے مختلف علاقوں میں عوامی مسائل کے حل کے لیے متعلقہ حکام نے اجلاس منعقد کیا جس میں ترقیاتی منصوبوں کی تکمیل اور عوام کو سہولیات کی فراہمی پر زور دیا گیا۔ شرکاء نے کہا کہ حکومت عوامی فلاح کے لیے ہر ممکن اقدامات کر رہی ہے اور میرپور سمیت تمام اضلاع میں صحت، تعلیم اور بنیادی ڈھانچے کی بہتری کے لیے کام جاری ہے۔
اشتہار
86
آزاد جموں و کشمیر کے مختلف علاقوں میں عوامی مسائل کے حل کے لیے متعلقہ حکام نے اجلاس منعقد کیا جس میں ترقیاتی منصوبوں کی تکمیل اور عوام کو سہولیات کی فراہمی پر زور دیا گیا۔ شرکاء نے کہا کہ حکومت عوامی فلاح کے لیے ہر ممکن اقدامات کر رہی ہے اور میرپور سمیت تمام اضلاع میں صحت، تعلیم اور بنیادی ڈھانچے کی بہتری کے لیے کام جاری ہے۔ آزاد جموں و کشمیر کے مختلف علاقوں میں عوامی مسائل کے حل کے لیے متعلقہ حکام نے اجلاس منعقد کیا جس میں ترقیاتی منصوبوں کی تکمیل اور عوام کو سہولیات کی فراہمی پر زور دیا گیا۔ شرکاء نے کہا کہ حکومت عوامی فلاح کے لیے ہر ممکن اقدامات کر رہی ہے اور میرپور سمیت تمام اضلاع میں صحت، تعلیم اور بنیادی ڈھانچے کی بہتری کے لیے کام جاری ہے۔ آزاد جموں و کشمیر کے مختلف علاقوں میں عوامی مسائل کے حل کے لیے متعلقہ حکام نے اجلاس منعقد کیا جس میں ترقیاتی منصوبوں کی تکمیل اور عوام کو سہولیات کی فراہمی پر زور دیا گیا۔ شرکاء نے کہا کہ حکومت عوامی فلاح کے لیے ہر ممکن اقدامات کر رہی ہے اور میرپور سمیت تمام اضلاع میں صحت، تعلیم اور بنیادی ڈھانچے کی بہتری کے لیے کام جاری ہے۔
اشتہار
87
آزاد جموں و کشمیر کے مختلف علاقوں میں عوامی مسائل کے حل کے لیے متعلقہ حکام نے اجلاس منعقد کیا جس میں ترقیاتی منصوبوں کی تکمیل اور عوام کو سہولیات کی فراہمی پر زور دیا گیا۔ شرکاء نے کہا کہ حکومت عوامی فلاح کے لیے ہر ممکن اقدامات کر رہی ہے اور میرپور سمیت تمام اضلاع میں صحت، تعلیم اور بنیادی ڈھانچے کی بہتری کے لیے کام جاری ہے۔ آزاد جموں و کشمیر کے مختلف علاقوں میں عوامی مسائل کے حل کے لیے متعلقہ حکام نے اجلاس منعقد کیا جس میں ترقیاتی منصوبوں کی تکمیل اور عوام کو سہولیات کی فراہمی پر زور دیا گیا۔ شرکاء نے کہا کہ حکومت عوامی فلاح کے لیے ہر ممکن اقدامات کر رہی ہے اور میرپور سمیت تمام اضلاع میں صحت، تعلیم اور بنیادی ڈھانچے کی بہتری کے لیے کام جاری ہے۔ آزاد جموں و کشمیر کے مختلف علاقوں میں عوامی مسائل کے حل کے لیے متعلقہ حکام نے اجلاس منعقد کیا جس میں ترقیاتی منصوبوں کی تکمیل اور عوام کو سہولیات کی فراہمی پر زور دیا گیا۔ شرکاء نے کہا کہ حکومت عوامی فلاح کے لیے ہر ممکن اقدامات کر رہی ہے اور میرپور سمیت تمام اضلاع میں صحت، تعلیم اور بنیادی ڈھانچے کی بہتری کے لیے کام جاری ہے۔
اشتہار
88
آزاد جموں و کشمیر کے مختلف علاقوں میں عوامی مسائل کے حل کے لیے متعلقہ حکام نے اجلاس منعقد کیا جس میں ترقیاتی منصوبوں کی تکمیل اور عوام کو سہولیات کی فراہمی پر زور دیا گیا۔ شرکاء نے کہا کہ حکومت عوامی فلاح کے لیے ہر ممکن اقدامات کر رہی ہے اور میرپور سمیت تمام اضلاع میں صحت، تعلیم اور بنیادی ڈھانچے کی بہتری کے لیے کام جاری ہے۔ آزاد جموں و کشمیر کے مختلف علاقوں میں عوامی مسائل کے حل کے لیے متعلقہ حکام نے اجلاس منعقد کیا جس میں ترقیاتی منصوبوں کی تکمیل اور عوام کو سہولیات کی فراہمی پر زور دیا گیا۔ شرکاء نے کہا کہ حکومت عوامی فلاح کے لیے ہر ممکن اقدامات کر رہی ہے اور میرپور سمیت تمام اضلاع میں صحت، تعلیم اور بنیادی ڈھانچے کی بہتری کے لیے کام جاری ہے۔ آزاد جموں و کشمیر کے مختلف علاقوں میں عوامی مسائل کے حل کے لیے متعلقہ حکام نے اجلاس منعقد کیا جس میں ترقیاتی منصوبوں کی تکمیل اور عوام کو سہولیات کی فراہمی پر زور دیا گیا۔ شرکاء نے کہا کہ حکومت عوامی فلاح کے لیے ہر ممکن اقدامات کر رہی ہے اور میرپور سمیت تمام اضلاع میں صحت، تعلیم اور بنیادی ڈھانچے کی بہتری کے لیے کام جاری ہے۔
اشتہار
89
آزاد جموں و کشمیر کے مختلف علاقوں میں عوامی مسائل کے حل کے لیے متعلقہ حکام نے اجلاس منعقد کیا جس میں ترقیاتی منصوبوں کی تکمیل اور عوام کو سہولیات کی فراہمی پر زور دیا گیا۔ شرکاء نے کہا کہ حکومت عوامی فلاح کے لیے ہر ممکن اقدامات کر رہی ہے اور میرپور سمیت تمام اضلاع میں صحت، تعلیم اور بنیادی ڈھانچے کی بہتری کے لیے کام جاری ہے۔ آزاد جموں و کشمیر کے مختلف علاقوں میں عوامی مسائل کے حل کے لیے متعلقہ حکام نے اجلاس منعقد کیا جس میں ترقیاتی منصوبوں کی تکمیل اور عوام کو سہولیات کی فراہمی پر زور دیا گیا۔ شرکاء نے کہا کہ حکومت عوامی فلاح کے لیے ہر ممکن اقدامات کر رہی ہے اور میرپور سمیت تمام اضلاع میں صحت، تعلیم اور بنیادی ڈھانچے کی بہتری کے لیے کام جاری ہے۔ آزاد جموں و کشمیر کے مختلف علاقوں میں عوامی مسائل کے حل کے لیے متعلقہ حکام نے اجلاس منعقد کیا جس میں ترقیاتی منصوبوں کی تکمیل اور عوام کو سہولیات کی فراہمی پر زور دیا گیا۔ شرکاء نے کہا کہ حکومت عوامی فلاح کے لیے ہر ممکن اقدامات کر رہی ہے اور میرپور سمیت تمام اضلاع میں صحت، تعلیم اور بنیادی ڈھانچے کی بہتری کے لیے کام جاری ہے۔
اشتہار
90
آزاد جموں و کشمیر کے مختلف علاقوں میں عوامی مسائل کے حل کے لیے متعلقہ حکام نے اجلاس منعقد کیا جس میں ترقیاتی منصوبوں کی تکمیل اور عوام کو سہولیات کی فراہمی پر زور دیا گیا۔ شرکاء نے کہا کہ حکومت عوامی فلاح کے لیے ہر ممکن اقدامات کر رہی ہے اور میرپور سمیت تمام اضلاع میں صحت، تعلیم اور بنیادی ڈھانچے کی بہتری کے لیے کام جاری ہے۔ آزاد جموں و کشمیر کے مختلف علاقوں میں عوامی مسائل کے حل کے لیے متعلقہ حکام نے اجلاس منعقد کیا جس میں ترقیاتی منصوبوں کی تکمیل اور عوام کو سہولیات کی فراہمی پر زور دیا گیا۔ شرکاء نے کہا کہ حکومت عوامی فلاح کے لیے ہر ممکن اقدامات کر رہی ہے اور میرپور سمیت تمام اضلاع میں صحت، تعلیم اور بنیادی ڈھانچے کی بہتری کے لیے کام جاری ہے۔ آزاد جموں و کشمیر کے مختلف علاقوں میں عوامی مسائل کے حل کے لیے متعلقہ حکام نے اجلاس منعقد کیا جس میں ترقیاتی منصوبوں کی تکمیل اور عوام کو سہولیات کی فراہمی پر زور دیا گیا۔ شرکاء نے کہا کہ حکومت عوامی فلاح کے لیے ہر ممکن اقدامات کر رہی ہے اور میرپور سمیت تمام اضلاع میں صحت، تعلیم اور بنیادی ڈھانچے کی بہتری کے لیے کام جاری ہے۔
اشتہار
91
آزاد جموں و کشمیر کے مختلف علاقوں میں عوامی مسائل کے حل کے لیے متعلقہ حکام نے اجلاس منعقد کیا جس میں ترقیاتی منصوبوں کی تکمیل اور عوام کو سہولیات کی فراہمی پر زور دیا گیا۔ شرکاء نے کہا کہ حکومت عوامی فلاح کے لیے ہر ممکن اقدامات کر رہی ہے اور میرپور سمیت تمام اضلاع میں صحت، تعلیم اور بنیادی ڈھانچے کی بہتری کے لیے کام جاری ہے۔ آزاد جموں و کشمیر کے مختلف علاقوں میں عوامی مسائل کے حل کے لیے متعلقہ حکام نے اجلاس منعقد کیا جس میں ترقیاتی منصوبوں کی تکمیل اور عوام کو سہولیات کی فراہمی پر زور دیا گیا۔ شرکاء نے کہا کہ حکومت عوامی فلاح کے لیے ہر ممکن اقدامات کر رہی ہے اور میرپور سمیت تمام اضلاع میں صحت، تعلیم اور بنیادی ڈھانچے کی بہتری کے لیے کام جاری ہے۔ آزاد جموں و کشمیر کے مختلف علاقوں میں عوامی مسائل کے حل کے لیے متعلقہ حکام نے اجلاس منعقد کیا جس میں ترقیاتی منصوبوں کی تکمیل اور عوام کو سہولیات کی فراہمی پر زور دیا گیا۔ شرکاء نے کہا کہ حکومت عوامی فلاح کے لیے ہر ممکن اقدامات کر رہی ہے اور میرپور سمیت تمام اضلاع میں صحت، تعلیم اور بنیادی ڈھانچے کی بہتری کے لیے کام جاری ہے۔
اشتہار
92
آزاد جموں و کشمیر کے مختلف علاقوں میں عوامی مسائل کے حل کے لیے متعلقہ حکام نے اجلاس منعقد کیا جس میں ترقیاتی منصوبوں کی تکمیل اور عوام کو سہولیات کی فراہمی پر زور دیا گیا۔ شرکاء نے کہا کہ حکومت عوامی فلاح کے لیے ہر ممکن اقدامات کر رہی ہے اور میرپور سمیت تمام اضلاع میں صحت، تعلیم اور بنیادی ڈھانچے کی بہتری کے لیے کام جاری ہے۔ آزاد جموں و کشمیر کے مختلف علاقوں میں عوامی مسائل کے حل کے لیے متعلقہ حکام نے اجلاس منعقد کیا جس میں ترقیاتی منصوبوں کی تکمیل اور عوام کو سہولیات کی فراہمی پر زور دیا گیا۔ شرکاء نے کہا کہ حکومت عوامی فلاح کے لیے ہر ممکن اقدامات کر رہی ہے اور میرپور سمیت تمام اضلاع میں صحت، تعلیم اور بنیادی ڈھانچے کی بہتری کے لیے کام جاری ہے۔ آزاد جموں و کشمیر کے مختلف علاقوں میں عوامی مسائل کے حل کے لیے متعلقہ حکام نے اجلاس منعقد کیا جس میں ترقیاتی منصوبوں کی تکمیل اور عوام کو سہولیات کی فراہمی پر زور دیا گیا۔ شرکاء نے کہا کہ حکومت عوامی فلاح کے لیے ہر ممکن اقدامات کر رہی ہے اور میرپور سمیت تمام اضلاع میں صحت، تعلیم اور بنیادی ڈھانچے کی بہتری کے لیے کام جاری ہے۔
اشتہار
93
آزاد جموں و کشمیر کے مختلف علاقوں میں عوامی مسائل کے حل کے لیے متعلقہ حکام نے اجلاس منعقد کیا جس میں ترقیاتی منصوبوں کی تکمیل اور عوام کو سہولیات کی فراہمی پر زور دیا گیا۔ شرکاء نے کہا کہ حکومت عوامی فلاح کے لیے ہر ممکن اقدامات کر رہی ہے اور میرپور سمیت تمام اضلاع میں صحت، تعلیم اور بنیادی ڈھانچے کی بہتری کے لیے کام جاری ہے۔ آزاد جموں و کشمیر کے مختلف علاقوں میں عوامی مسائل کے حل کے لیے متعلقہ حکام نے اجلاس منعقد کیا جس میں ترقیاتی منصوبوں کی تکمیل اور عوام کو سہولیات کی فراہمی پر زور دیا گیا۔ شرکاء نے کہا کہ حکومت عوامی فلاح کے لیے ہر ممکن اقدامات کر رہی ہے اور میرپور سمیت تمام اضلاع میں صحت، تعلیم اور بنیادی ڈھانچے کی بہتری کے لیے کام جاری ہے۔ آزاد جموں و کشمیر کے مختلف علاقوں میں عوامی مسائل کے حل کے لیے متعلقہ حکام نے اجلاس منعقد کیا جس میں ترقیاتی منصوبوں کی تکمیل اور عوام کو سہولیات کی فراہمی پر زور دیا گیا۔ شرکاء نے کہا کہ حکومت عوامی فلاح کے لیے ہر ممکن اقدامات کر رہی ہے اور میرپور سمیت تمام اضلاع میں صحت، تعلیم اور بنیادی ڈھانچے کی بہتری کے لیے کام جاری ہے۔
اشتہار
94
آزاد جموں و کشمیر کے مختلف علاقوں میں عوامی مسائل کے حل کے لیے متعلقہ حکام نے اجلاس منعقد کیا جس میں ترقیاتی منصوبوں کی تکمیل اور عوام کو سہولیات کی فراہمی پر زور دیا گیا۔ شرکاء نے کہا کہ حکومت عوامی فلاح کے لیے ہر ممکن اقدامات کر رہی ہے اور میرپور سمیت تمام اضلاع میں صحت، تعلیم اور بنیادی ڈھانچے کی بہتری کے لیے کام جاری ہے۔ آزاد جموں و کشمیر کے مختلف علاقوں میں عوامی مسائل کے حل کے لیے متعلقہ حکام نے اجلاس منعقد کیا جس میں ترقیاتی منصوبوں کی تکمیل اور عوام کو سہولیات کی فراہمی پر زور دیا گیا۔ شرکاء نے کہا کہ حکومت عوامی فلاح کے لیے ہر ممکن اقدامات کر رہی ہے اور میرپور سمیت تمام اضلاع میں صحت، تعلیم اور بنیادی ڈھانچے کی بہتری کے لیے کام جاری ہے۔ آزاد جموں و کشمیر کے مختلف علاقوں میں عوامی مسائل کے حل کے لیے متعلقہ حکام نے اجلاس منعقد کیا جس میں ترقیاتی منصوبوں کی تکمیل اور عوام کو سہولیات کی فراہمی پر زور دیا گیا۔ شرکاء نے کہا کہ حکومت عوامی فلاح کے لیے ہر ممکن اقدامات کر رہی ہے اور میرپور سمیت تمام اضلاع میں صحت، تعلیم اور بنیادی ڈھانچے کی بہتری کے لیے کام جاری ہے۔
از دفتر میونسپل کارپوریشن میرپور
نمبر 2024/5140/
مورخہ 30-05-24
سیکٹر B/2 میرپور
مورخہ 30-09-1984
مورخہ 14-03-2022
ایڈمنسٹریٹر
میونسپل کارپوریشن میرپور
